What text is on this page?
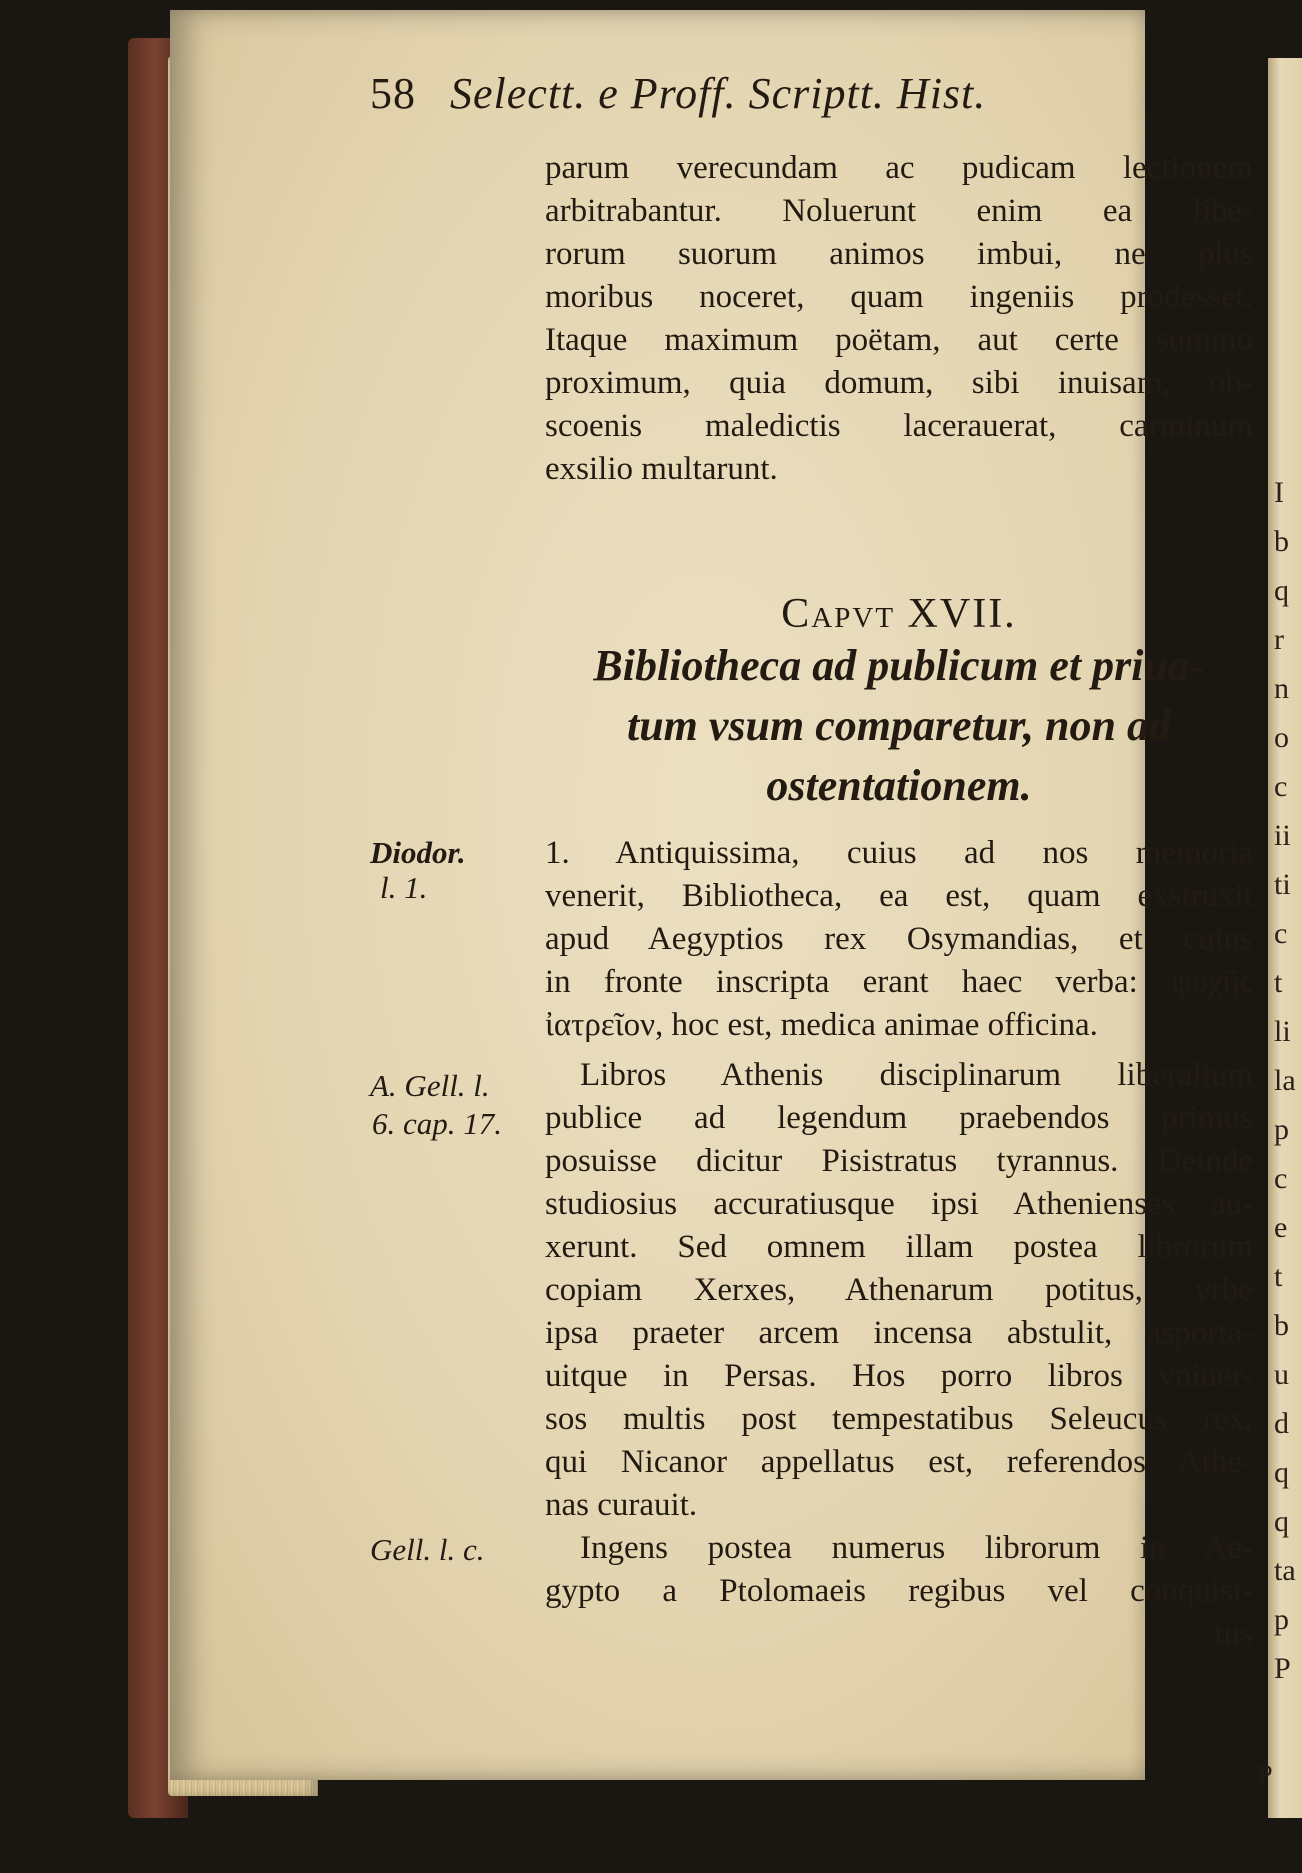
I
b
q
r
n
o
c
ii
ti
c
t
li
la
p
c
e
t
b
u
d
q
q
ta
p
P
58 Selectt. e Proff. Scriptt. Hist.
parum verecundam ac pudicam lectionem
arbitrabantur. Noluerunt enim ea libe-
rorum suorum animos imbui, ne plus
moribus noceret, quam ingeniis prodesset.
Itaque maximum poëtam, aut certe summo
proximum, quia domum, sibi inuisam, ob-
scoenis maledictis lacerauerat, carminum
exsilio multarunt.
Capvt XVII.
Bibliotheca ad publicum et priua-
tum vsum comparetur, non ad
ostentationem.
1. Antiquissima, cuius ad nos memoria
venerit, Bibliotheca, ea est, quam exstruxit
apud Aegyptios rex Osymandias, et cuius
in fronte inscripta erant haec verba: ψυχῆς
ἰατρεῖον, hoc est, medica animae officina.
Libros Athenis disciplinarum liberalium
publice ad legendum praebendos primus
posuisse dicitur Pisistratus tyrannus. Deinde
studiosius accuratiusque ipsi Athenienses au-
xerunt. Sed omnem illam postea librorum
copiam Xerxes, Athenarum potitus, vrbe
ipsa praeter arcem incensa abstulit, asporta-
uitque in Persas. Hos porro libros vniuer-
sos multis post tempestatibus Seleucus rex,
qui Nicanor appellatus est, referendos Athe-
nas curauit.
Ingens postea numerus librorum in Ae-
gypto a Ptolomaeis regibus vel conquisi-
tus
Diodor.
l. 1.
A. Gell. l.
6. cap. 17.
Gell. l. c.
P
